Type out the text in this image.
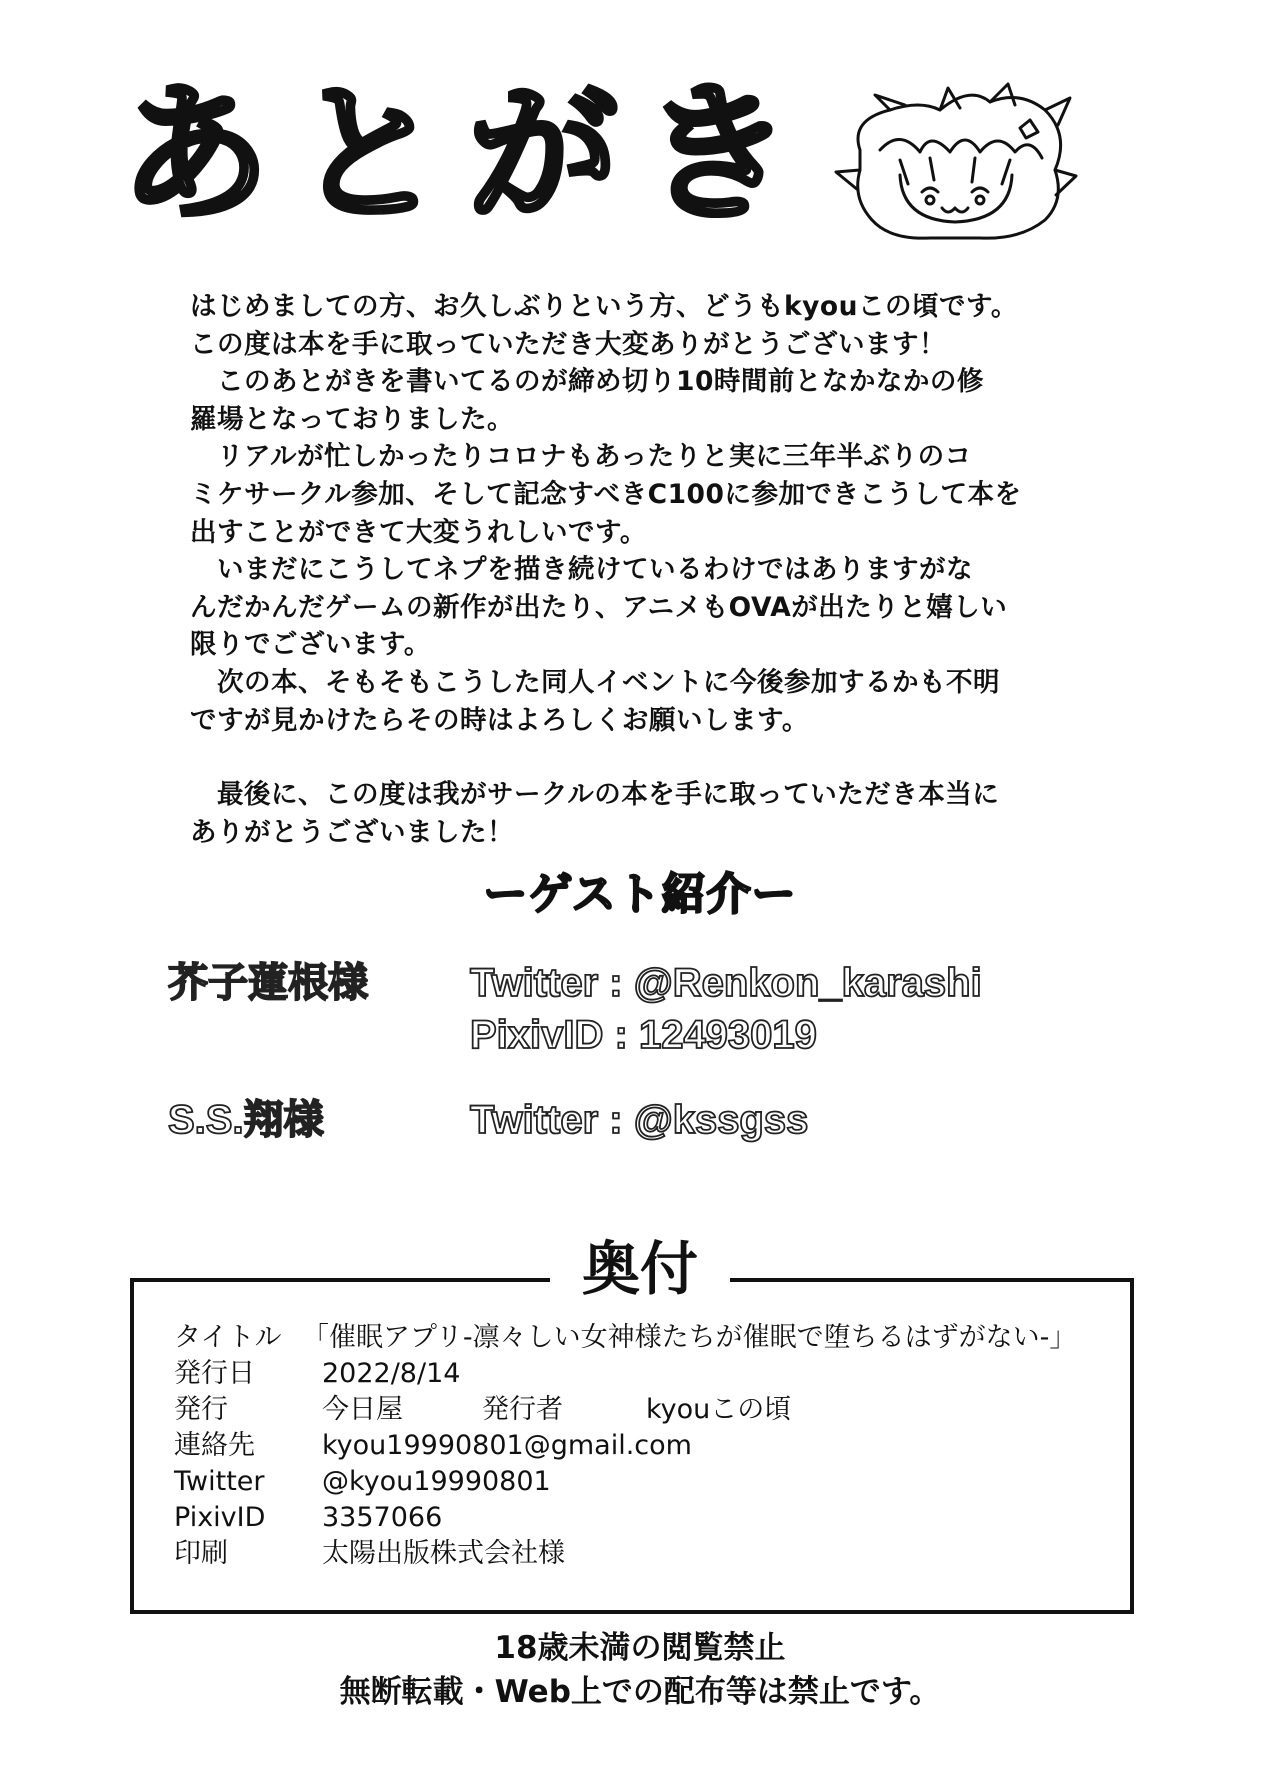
あとがき

はじめましての方、お久しぶりという方、どうもkyouこの頃です。

この度は本を手に取っていただき大変ありがとうございます！

　このあとがきを書いてるのが締め切り10時間前となかなかの修

羅場となっておりました。

　リアルが忙しかったりコロナもあったりと実に三年半ぶりのコ

ミケサークル参加、そして記念すべきC100に参加できこうして本を

出すことができて大変うれしいです。

　いまだにこうしてネプを描き続けているわけではありますがな

んだかんだゲームの新作が出たり、アニメもOVAが出たりと嬉しい

限りでございます。

　次の本、そもそもこうした同人イベントに今後参加するかも不明

ですが見かけたらその時はよろしくお願いします。

　最後に、この度は我がサークルの本を手に取っていただき本当に

ありがとうございました！

ーゲスト紹介ー
芥子蓮根様	Twitter : @Renkon_karashi
PixivID : 12493019
S.S.翔様	Twitter : @kssgss
奥付
タイトル 「催眠アプリ-凛々しい女神様たちが催眠で堕ちるはずがない-」
発行日 2022/8/14
発行	今日屋	発行者	kyouこの頃
連絡先 kyou19990801@gmail.com
Twitter @kyou19990801
PixivID 3357066
印刷	太陽出版株式会社様
18歳未満の閲覧禁止
無断転載・Web上での配布等は禁止です。
